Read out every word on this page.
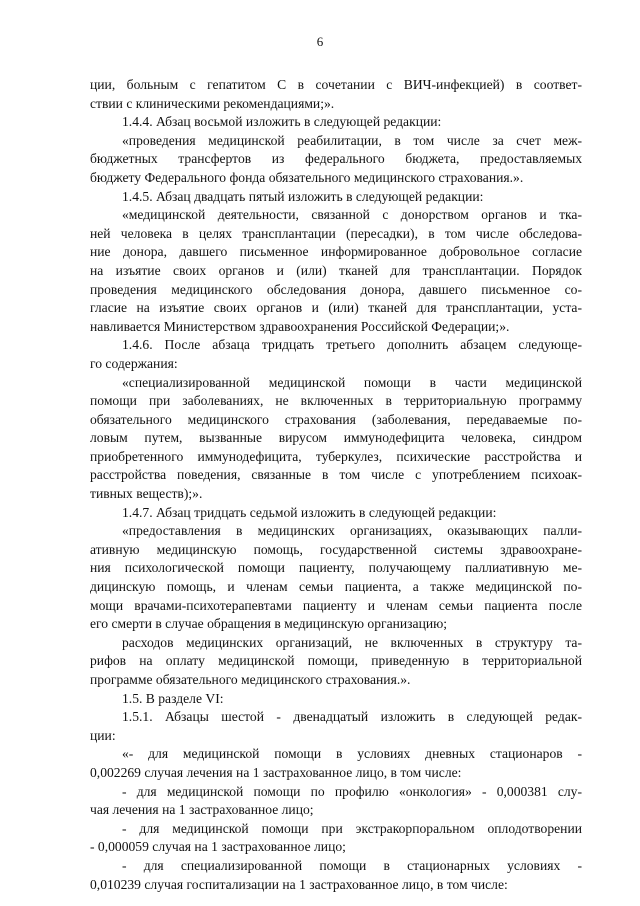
6
ции, больным с гепатитом С в сочетании с ВИЧ-инфекцией) в соответ-
ствии с клиническими рекомендациями;».
1.4.4. Абзац восьмой изложить в следующей редакции:
«проведения медицинской реабилитации, в том числе за счет меж-
бюджетных трансфертов из федерального бюджета, предоставляемых
бюджету Федерального фонда обязательного медицинского страхования.».
1.4.5. Абзац двадцать пятый изложить в следующей редакции:
«медицинской деятельности, связанной с донорством органов и тка-
ней человека в целях трансплантации (пересадки), в том числе обследова-
ние донора, давшего письменное информированное добровольное согласие
на изъятие своих органов и (или) тканей для трансплантации. Порядок
проведения медицинского обследования донора, давшего письменное со-
гласие на изъятие своих органов и (или) тканей для трансплантации, уста-
навливается Министерством здравоохранения Российской Федерации;».
1.4.6. После абзаца тридцать третьего дополнить абзацем следующе-
го содержания:
«специализированной медицинской помощи в части медицинской
помощи при заболеваниях, не включенных в территориальную программу
обязательного медицинского страхования (заболевания, передаваемые по-
ловым путем, вызванные вирусом иммунодефицита человека, синдром
приобретенного иммунодефицита, туберкулез, психические расстройства и
расстройства поведения, связанные в том числе с употреблением психоак-
тивных веществ);».
1.4.7. Абзац тридцать седьмой изложить в следующей редакции:
«предоставления в медицинских организациях, оказывающих палли-
ативную медицинскую помощь, государственной системы здравоохране-
ния психологической помощи пациенту, получающему паллиативную ме-
дицинскую помощь, и членам семьи пациента, а также медицинской по-
мощи врачами-психотерапевтами пациенту и членам семьи пациента после
его смерти в случае обращения в медицинскую организацию;
расходов медицинских организаций, не включенных в структуру та-
рифов на оплату медицинской помощи, приведенную в территориальной
программе обязательного медицинского страхования.».
1.5. В разделе VI:
1.5.1. Абзацы шестой - двенадцатый изложить в следующей редак-
ции:
«- для медицинской помощи в условиях дневных стационаров -
0,002269 случая лечения на 1 застрахованное лицо, в том числе:
- для медицинской помощи по профилю «онкология» - 0,000381 слу-
чая лечения на 1 застрахованное лицо;
- для медицинской помощи при экстракорпоральном оплодотворении
- 0,000059 случая на 1 застрахованное лицо;
- для специализированной помощи в стационарных условиях -
0,010239 случая госпитализации на 1 застрахованное лицо, в том числе:
